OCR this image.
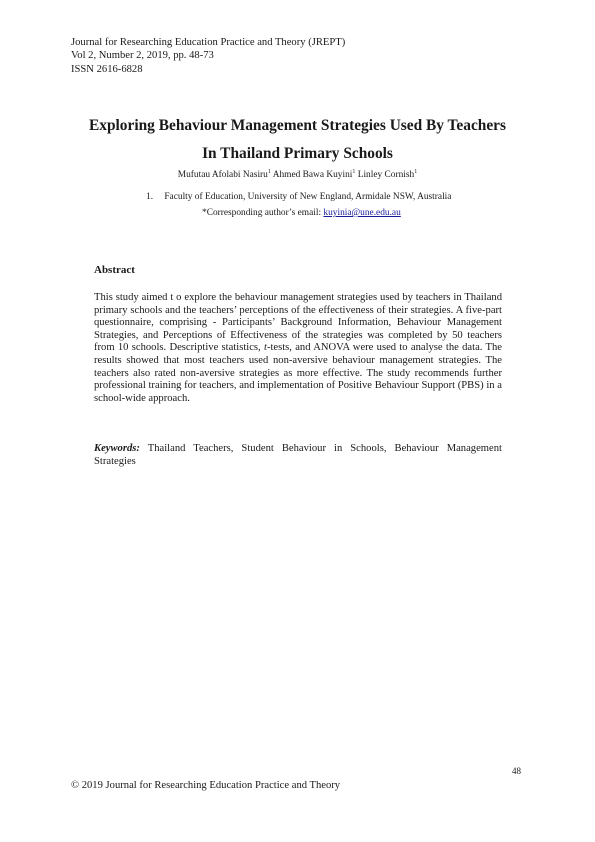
Journal for Researching Education Practice and Theory (JREPT)
Vol 2, Number 2, 2019, pp. 48-73
ISSN 2616-6828
Exploring Behaviour Management Strategies Used By Teachers
In Thailand Primary Schools
Mufutau Afolabi Nasiru$^1$ Ahmed Bawa Kuyini$^1$ Linley Cornish$^1$
1. Faculty of Education, University of New England, Armidale NSW, Australia
*Corresponding author’s email: kuyinia@une.edu.au
Abstract
This study aimed t o explore the behaviour management strategies used by teachers in Thailand primary schools and the teachers’ perceptions of the effectiveness of their strategies. A five-part questionnaire, comprising - Participants’ Background Information, Behaviour Management Strategies, and Perceptions of Effectiveness of the strategies was completed by 50 teachers from 10 schools. Descriptive statistics, t-tests, and ANOVA were used to analyse the data. The results showed that most teachers used non-aversive behaviour management strategies. The teachers also rated non-aversive strategies as more effective. The study recommends further professional training for teachers, and implementation of Positive Behaviour Support (PBS) in a school-wide approach.
Keywords: Thailand Teachers, Student Behaviour in Schools, Behaviour Management Strategies
48
© 2019 Journal for Researching Education Practice and Theory
